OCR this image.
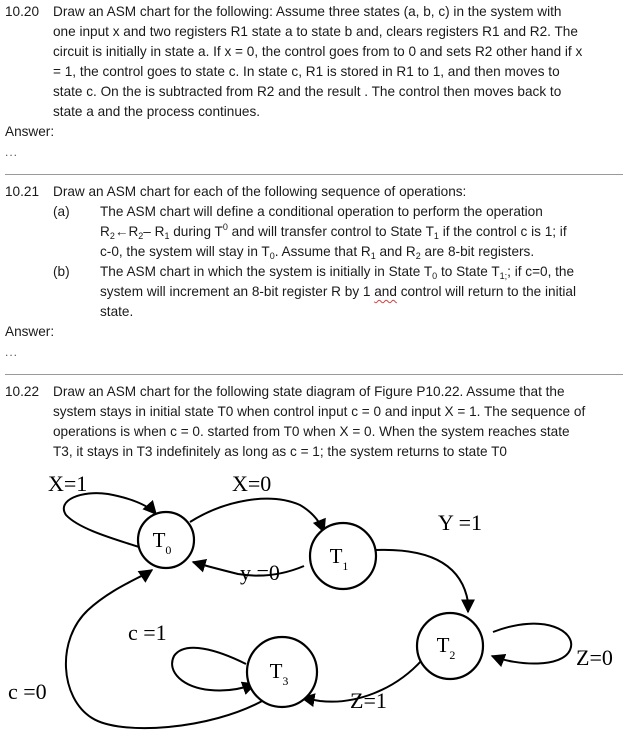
10.20 Draw an ASM chart for the following: Assume three states (a, b, c) in the system with
one input x and two registers R1 state a to state b and, clears registers R1 and R2. The
circuit is initially in state a. If x = 0, the control goes from to 0 and sets R2 other hand if x
= 1, the control goes to state c. In state c, R1 is stored in R1 to 1, and then moves to
state c. On the is subtracted from R2 and the result . The control then moves back to
state a and the process continues.
Answer:
...
10.21 Draw an ASM chart for each of the following sequence of operations:
(a) The ASM chart will define a conditional operation to perform the operation
$R_2\leftarrow R_2-$ $R_1$ during $T^0$ and will transfer control to State $T_1$ if the control c is 1; if
c-0, the system will stay in $T_0$. Assume that $R_1$ and $R_2$ are 8-bit registers.
(b) The ASM chart in which the system is initially in State $T_0$ to State $T_{1;}$; if c=0, the
system will increment an 8-bit register R by 1 and control will return to the initial
state.
Answer:
...
10.22 Draw an ASM chart for the following state diagram of Figure P10.22. Assume that the
system stays in initial state T0 when control input c = 0 and input X = 1. The sequence of
operations is when c = 0. started from T0 when X = 0. When the system reaches state
T3, it stays in T3 indefinitely as long as c = 1; the system returns to state T0
$T_0$	$T_1$
$T_2$
$T_3$
X=1	X=0
y =0
Y =1
Z=0
Z=1
c =1
c =0
